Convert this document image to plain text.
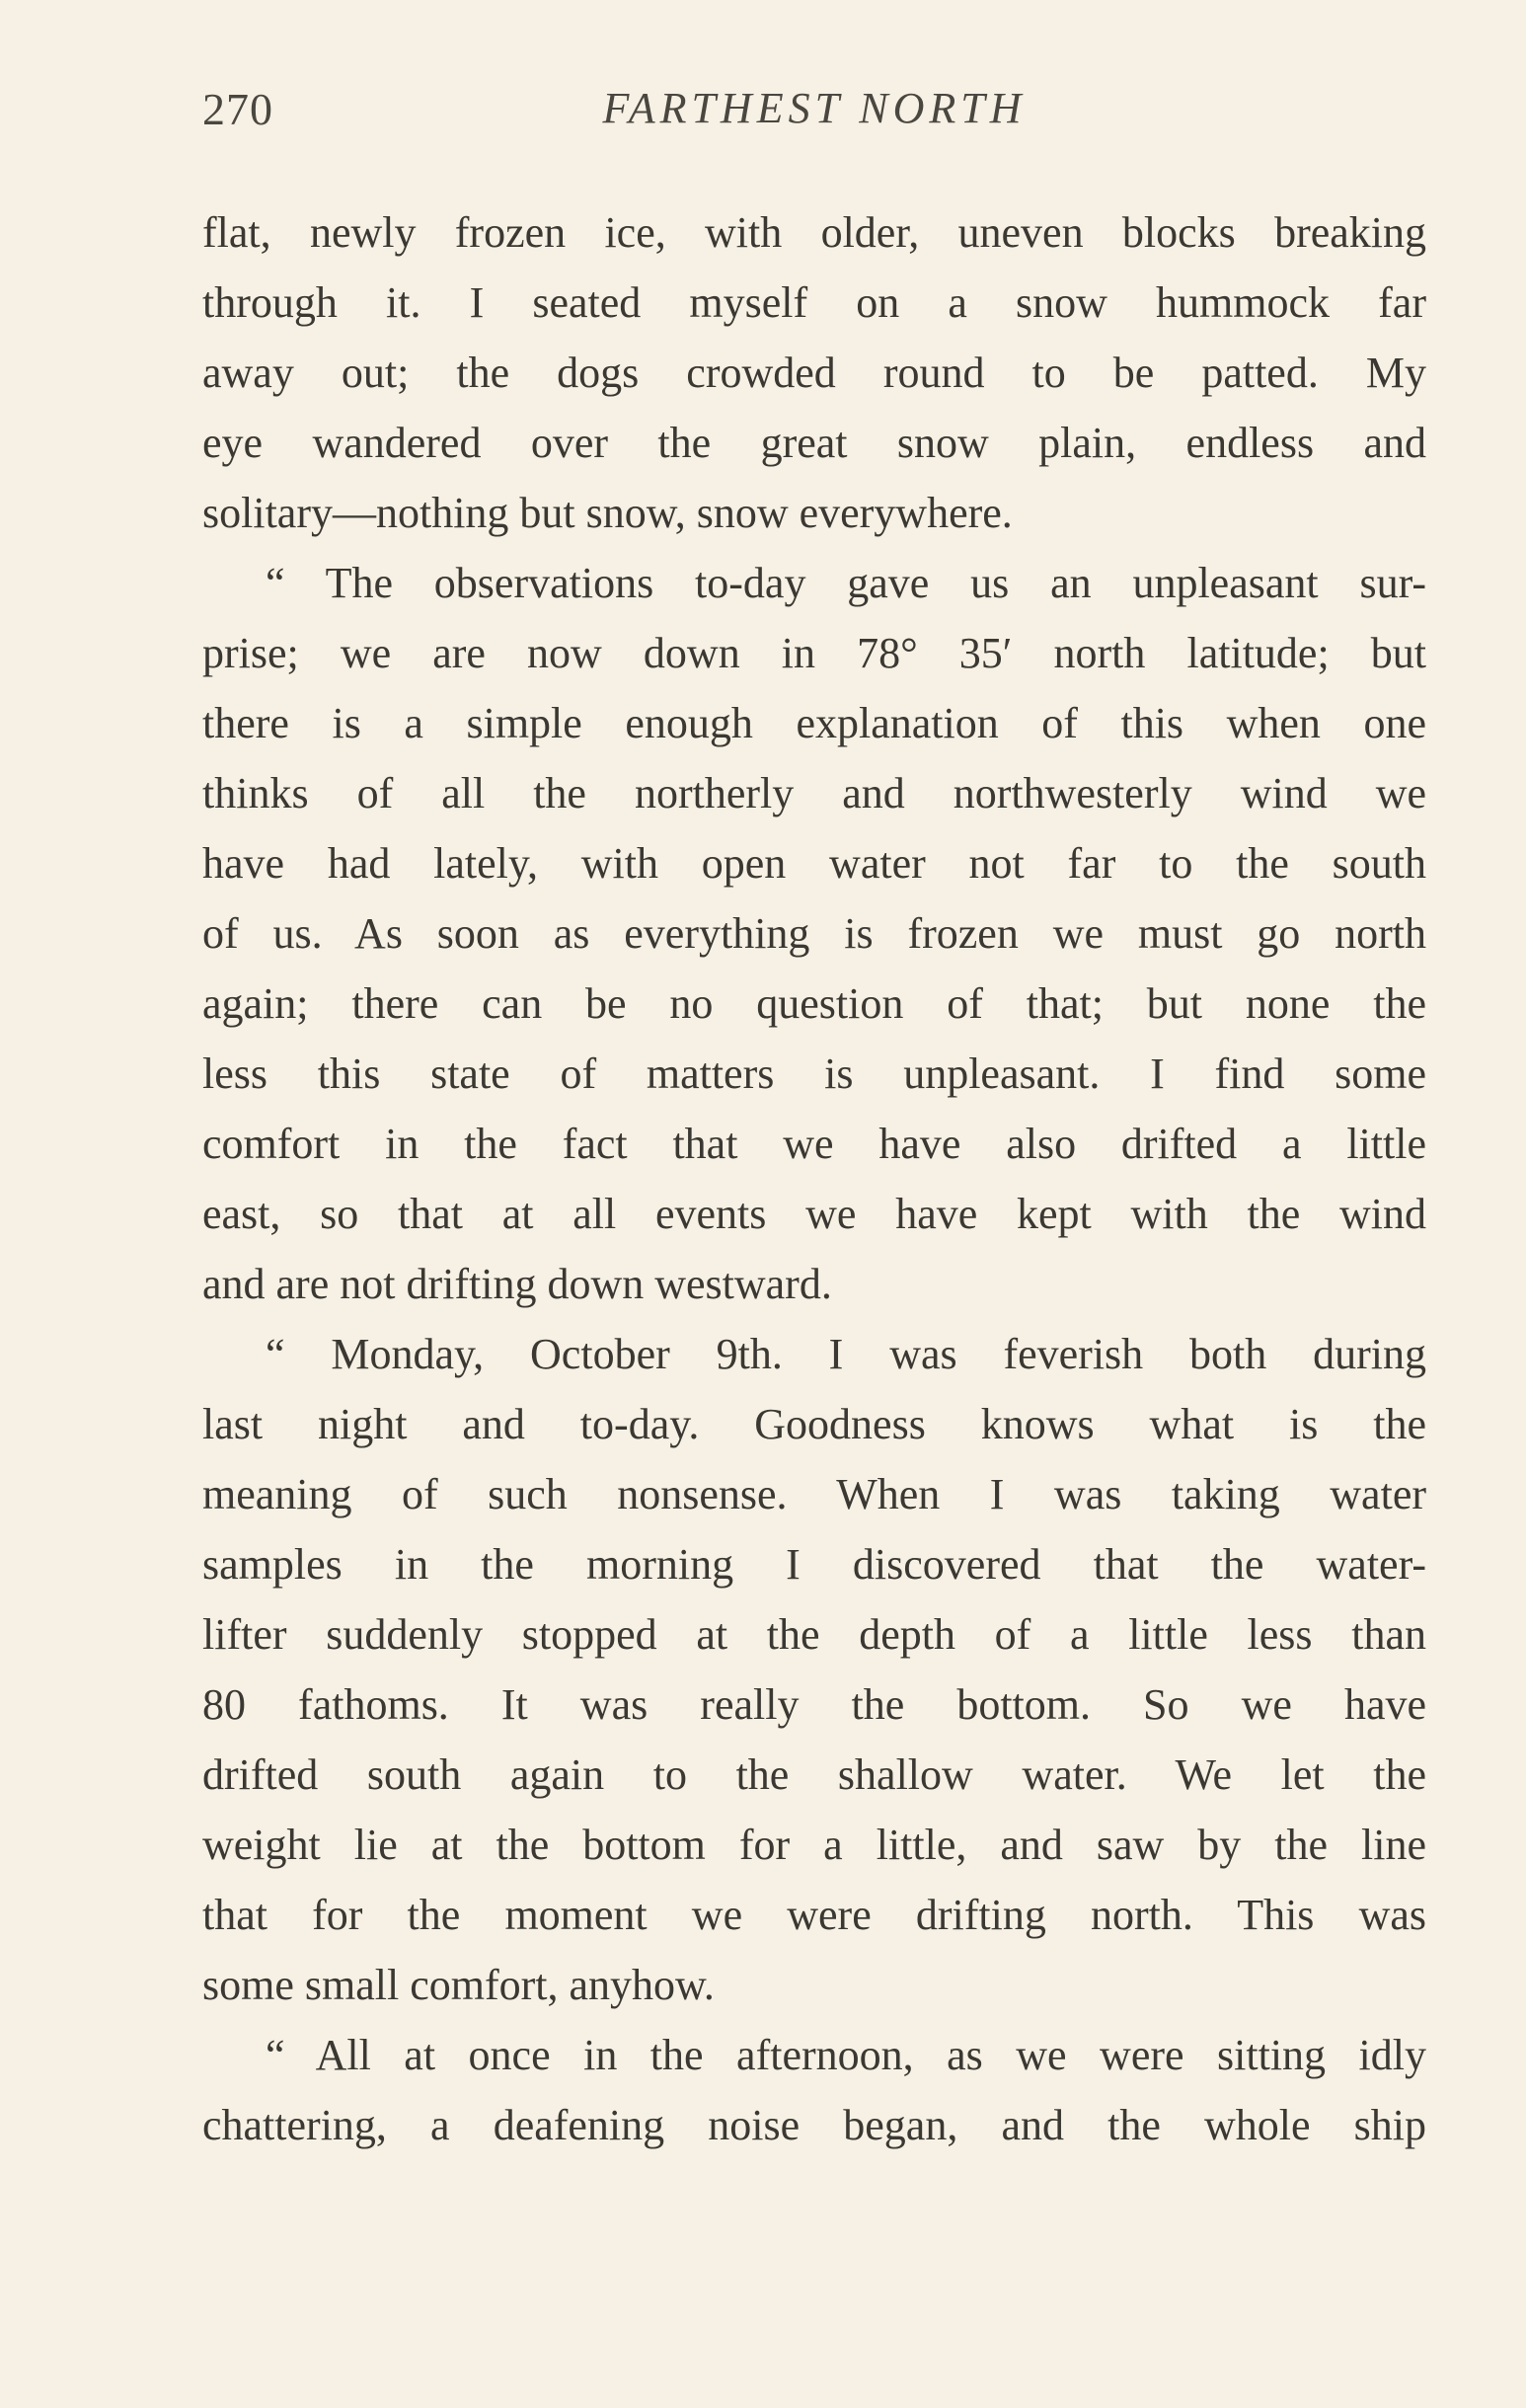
270	FARTHEST NORTH
flat, newly frozen ice, with older, uneven blocks breaking
through it. I seated myself on a snow hummock far
away out; the dogs crowded round to be patted. My
eye wandered over the great snow plain, endless and
solitary—nothing but snow, snow everywhere.
“ The observations to-day gave us an unpleasant sur-
prise; we are now down in 78° 35′ north latitude; but
there is a simple enough explanation of this when one
thinks of all the northerly and northwesterly wind we
have had lately, with open water not far to the south
of us. As soon as everything is frozen we must go north
again; there can be no question of that; but none the
less this state of matters is unpleasant. I find some
comfort in the fact that we have also drifted a little
east, so that at all events we have kept with the wind
and are not drifting down westward.
“ Monday, October 9th. I was feverish both during
last night and to-day. Goodness knows what is the
meaning of such nonsense. When I was taking water
samples in the morning I discovered that the water-
lifter suddenly stopped at the depth of a little less than
80 fathoms. It was really the bottom. So we have
drifted south again to the shallow water. We let the
weight lie at the bottom for a little, and saw by the line
that for the moment we were drifting north. This was
some small comfort, anyhow.
“ All at once in the afternoon, as we were sitting idly
chattering, a deafening noise began, and the whole ship
